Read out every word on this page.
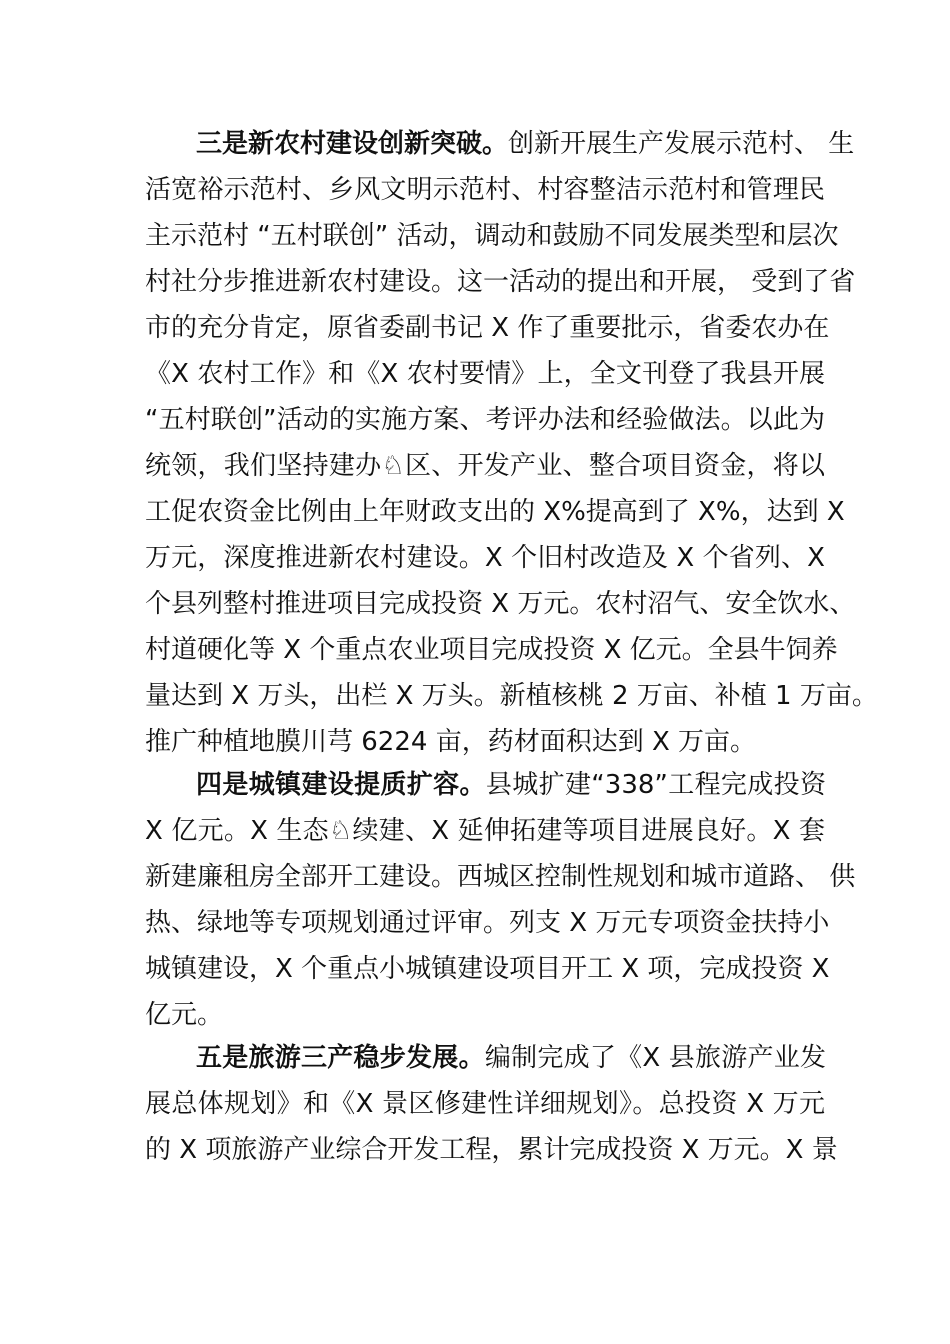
三是新农村建设创新突破。创新开展生产发展示范村、 生
活宽裕示范村、乡风文明示范村、村容整洁示范村和管理民
主示范村 “五村联创” 活动，调动和鼓励不同发展类型和层次
村社分步推进新农村建设。这一活动的提出和开展， 受到了省
市的充分肯定，原省委副书记 X 作了重要批示，省委农办在
《X 农村工作》和《X 农村要情》上，全文刊登了我县开展
“五村联创”活动的实施方案、考评办法和经验做法。以此为
统领，我们坚持建办♘区、开发产业、整合项目资金，将以
工促农资金比例由上年财政支出的 X%提高到了 X%，达到 X
万元，深度推进新农村建设。X 个旧村改造及 X 个省列、X
个县列整村推进项目完成投资 X 万元。农村沼气、安全饮水、
村道硬化等 X 个重点农业项目完成投资 X 亿元。全县牛饲养
量达到 X 万头，出栏 X 万头。新植核桃 2 万亩、补植 1 万亩。
推广种植地膜川芎 6224 亩，药材面积达到 X 万亩。
四是城镇建设提质扩容。县城扩建“338”工程完成投资
X 亿元。X 生态♘续建、X 延伸拓建等项目进展良好。X 套
新建廉租房全部开工建设。西城区控制性规划和城市道路、 供
热、绿地等专项规划通过评审。列支 X 万元专项资金扶持小
城镇建设，X 个重点小城镇建设项目开工 X 项，完成投资 X
亿元。
五是旅游三产稳步发展。编制完成了《X 县旅游产业发
展总体规划》和《X 景区修建性详细规划》。总投资 X 万元
的 X 项旅游产业综合开发工程，累计完成投资 X 万元。X 景
